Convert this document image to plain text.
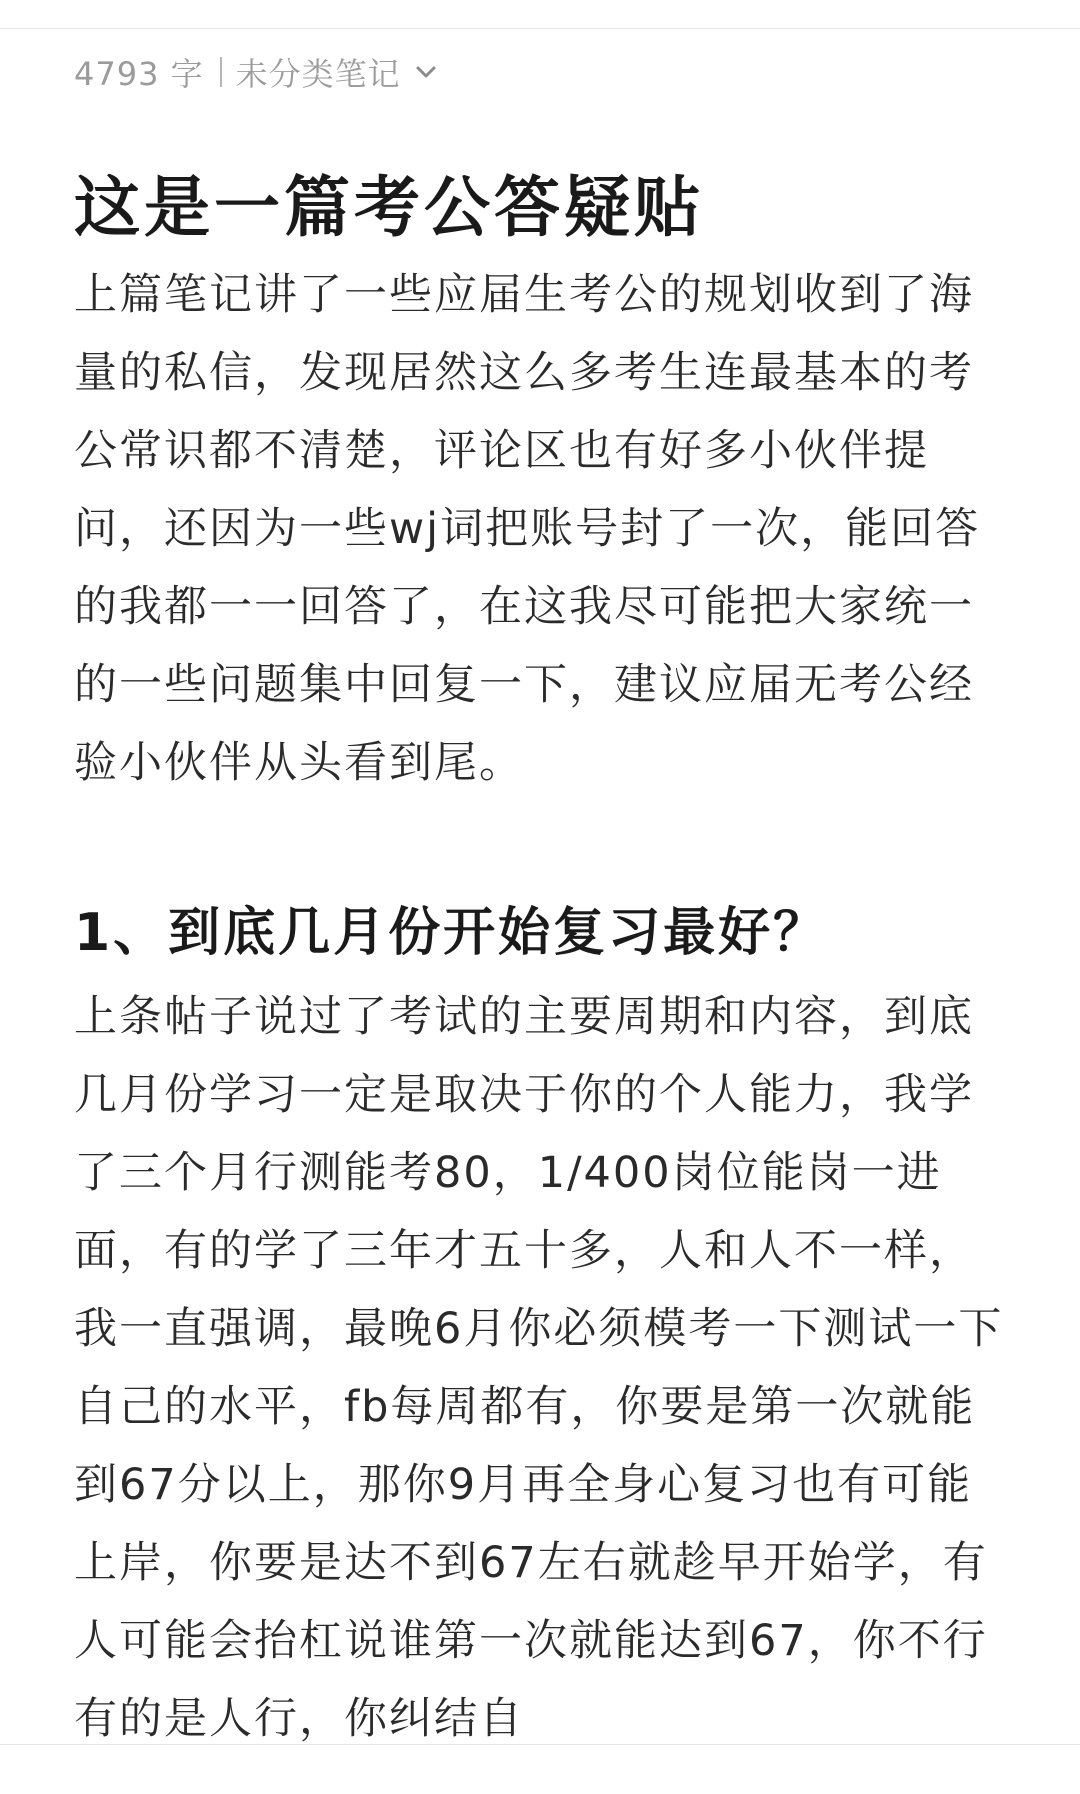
4793 字 未分类笔记
这是一篇考公答疑贴

上篇笔记讲了一些应届生考公的规划收到了海量的私信，发现居然这么多考生连最基本的考公常识都不清楚，评论区也有好多小伙伴提问，还因为一些wj词把账号封了一次，能回答的我都一一回答了，在这我尽可能把大家统一的一些问题集中回复一下，建议应届无考公经验小伙伴从头看到尾。

1、到底几月份开始复习最好？

上条帖子说过了考试的主要周期和内容，到底几月份学习一定是取决于你的个人能力，我学了三个月行测能考80，1/400岗位能岗一进面，有的学了三年才五十多，人和人不一样，我一直强调，最晚6月你必须模考一下测试一下自己的水平，fb每周都有，你要是第一次就能到67分以上，那你9月再全身心复习也有可能上岸，你要是达不到67左右就趁早开始学，有人可能会抬杠说谁第一次就能达到67，你不行有的是人行，你纠结自
